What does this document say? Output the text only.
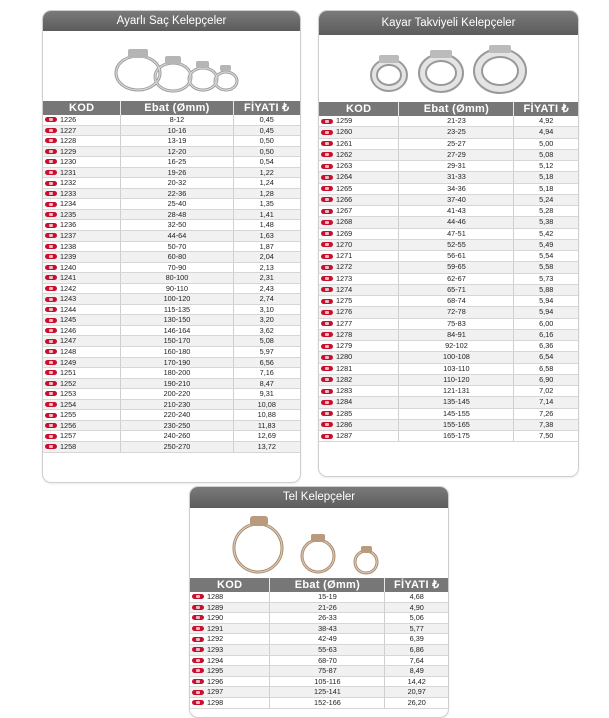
Ayarlı Saç Kelepçeler
KOD	Ebat (Ømm)	FİYATI ₺
1226	8-12	0,45
1227	10-16	0,45
1228	13-19	0,50
1229	12-20	0,50
1230	16-25	0,54
1231	19-26	1,22
1232	20-32	1,24
1233	22-36	1,28
1234	25-40	1,35
1235	28-48	1,41
1236	32-50	1,48
1237	44-64	1,63
1238	50-70	1,87
1239	60-80	2,04
1240	70-90	2,13
1241	80-100	2,31
1242	90-110	2,43
1243	100-120	2,74
1244	115-135	3,10
1245	130-150	3,20
1246	146-164	3,62
1247	150-170	5,08
1248	160-180	5,97
1249	170-190	6,56
1251	180-200	7,16
1252	190-210	8,47
1253	200-220	9,31
1254	210-230	10,08
1255	220-240	10,88
1256	230-250	11,83
1257	240-260	12,69
1258	250-270	13,72
Kayar Takviyeli Kelepçeler
KOD	Ebat (Ømm)	FİYATI ₺
1259	21-23	4,92
1260	23-25	4,94
1261	25-27	5,00
1262	27-29	5,08
1263	29-31	5,12
1264	31-33	5,18
1265	34-36	5,18
1266	37-40	5,24
1267	41-43	5,28
1268	44-46	5,38
1269	47-51	5,42
1270	52-55	5,49
1271	56-61	5,54
1272	59-65	5,58
1273	62-67	5,73
1274	65-71	5,88
1275	68-74	5,94
1276	72-78	5,94
1277	75-83	6,00
1278	84-91	6,16
1279	92-102	6,36
1280	100-108	6,54
1281	103-110	6,58
1282	110-120	6,90
1283	121-131	7,02
1284	135-145	7,14
1285	145-155	7,26
1286	155-165	7,38
1287	165-175	7,50
Tel Kelepçeler
KOD	Ebat (Ømm)	FİYATI ₺
1288	15-19	4,68
1289	21-26	4,90
1290	26-33	5,06
1291	38-43	5,77
1292	42-49	6,39
1293	55-63	6,86
1294	68-70	7,64
1295	75-87	8,49
1296	105-116	14,42
1297	125-141	20,97
1298	152-166	26,20
